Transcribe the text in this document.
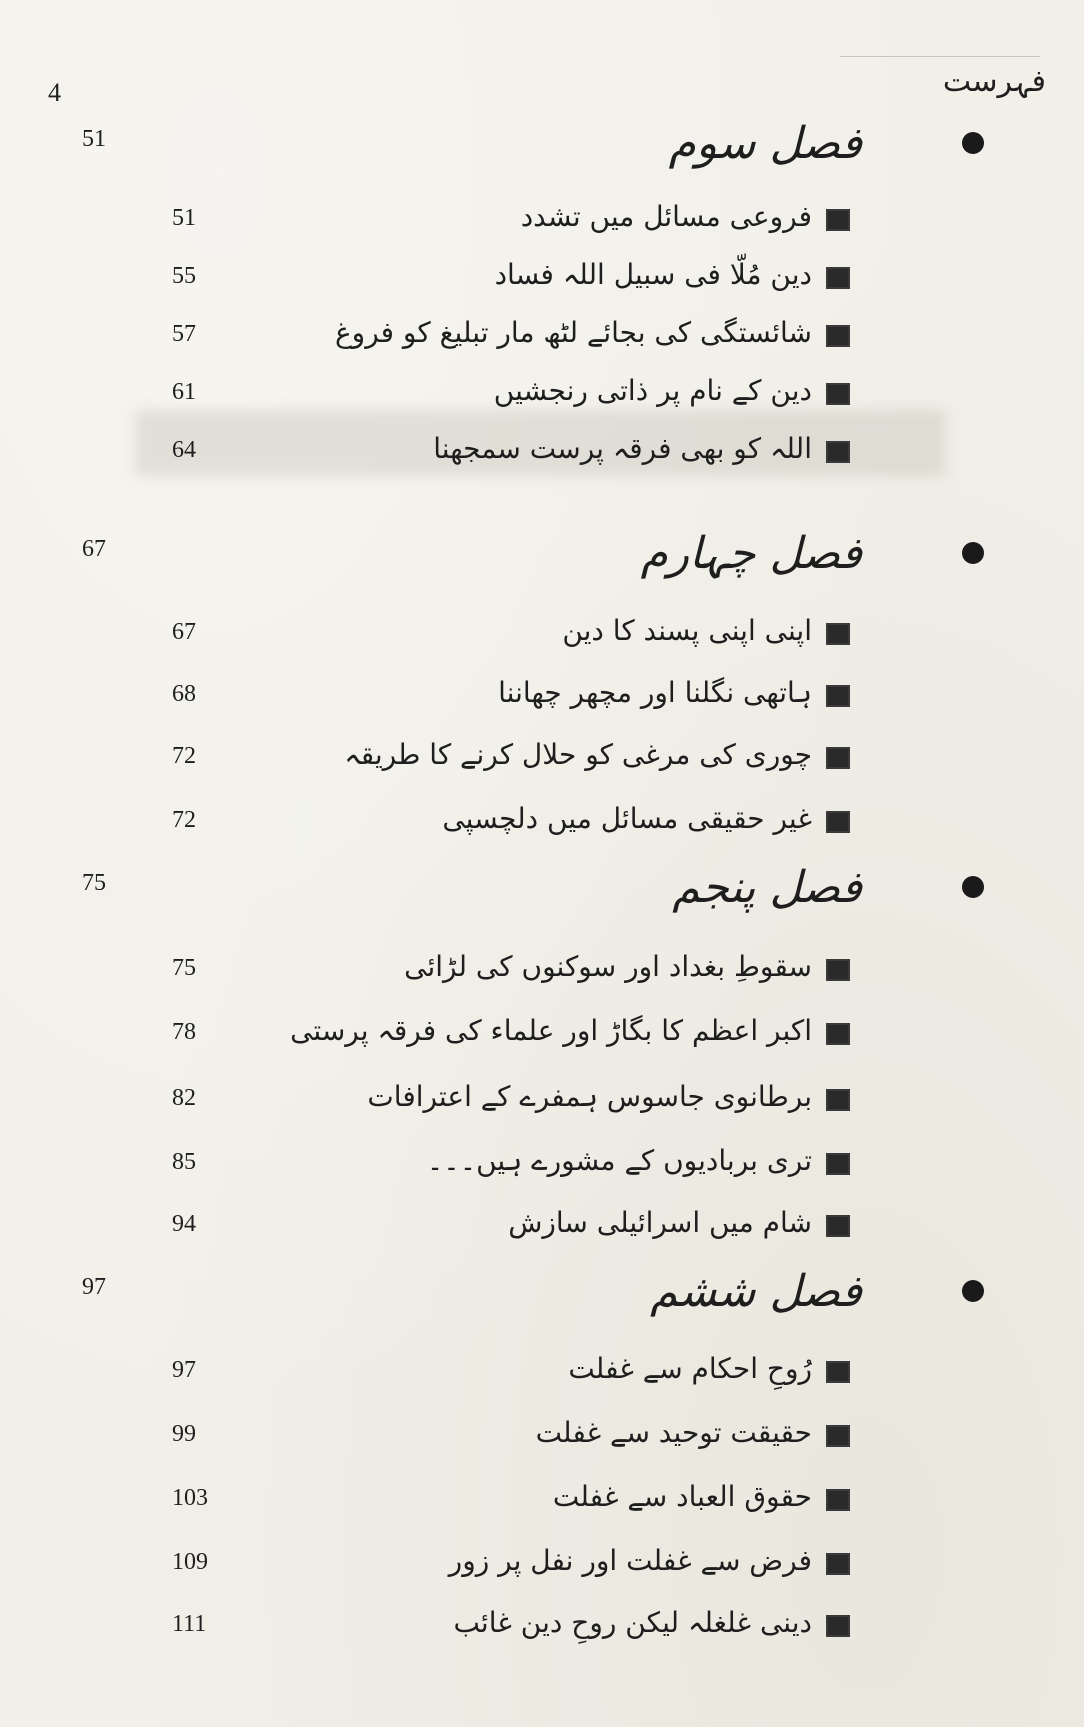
4	فہرست
فصل سوم
51
فروعی مسائل میں تشدد
51
دین مُلّا فی سبیل اللہ فساد
55
شائستگی کی بجائے لٹھ مار تبلیغ کو فروغ
57
دین کے نام پر ذاتی رنجشیں
61
اللہ کو بھی فرقہ پرست سمجھنا
64
فصل چہارم
67
اپنی اپنی پسند کا دین
67
ہاتھی نگلنا اور مچھر چھاننا
68
چوری کی مرغی کو حلال کرنے کا طریقہ
72
غیر حقیقی مسائل میں دلچسپی
72
فصل پنجم
75
سقوطِ بغداد اور سوکنوں کی لڑائی
75
اکبر اعظم کا بگاڑ اور علماء کی فرقہ پرستی
78
برطانوی جاسوس ہمفرے کے اعترافات
82
تری بربادیوں کے مشورے ہیں۔۔۔
85
شام میں اسرائیلی سازش
94
فصل ششم
97
رُوحِ احکام سے غفلت
97
حقیقت توحید سے غفلت
99
حقوق العباد سے غفلت
103
فرض سے غفلت اور نفل پر زور
109
دینی غلغلہ لیکن روحِ دین غائب
111
